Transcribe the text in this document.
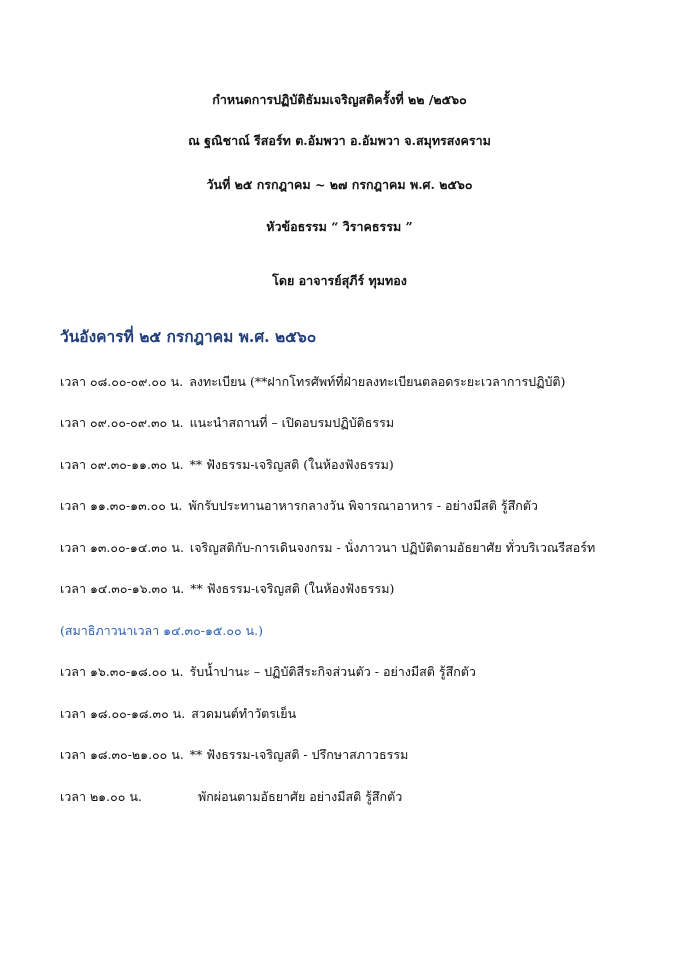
กำหนดการปฏิบัติธัมมเจริญสติครั้งที่ ๒๒ /๒๕๖๐
ณ ฐณิชาณ์ รีสอร์ท ต.อัมพวา อ.อัมพวา จ.สมุทรสงคราม
วันที่ ๒๕ กรกฎาคม ~ ๒๗ กรกฎาคม พ.ศ. ๒๕๖๐
หัวข้อธรรม “ วิราคธรรม ”
โดย อาจารย์สุภีร์ ทุมทอง
วันอังคารที่ ๒๕ กรกฎาคม พ.ศ. ๒๕๖๐
เวลา ๐๘.๐๐-๐๙.๐๐ น. ลงทะเบียน (**ฝากโทรศัพท์ที่ฝ่ายลงทะเบียนตลอดระยะเวลาการปฏิบัติ)
เวลา ๐๙.๐๐-๐๙.๓๐ น. แนะนำสถานที่ – เปิดอบรมปฏิบัติธรรม
เวลา ๐๙.๓๐-๑๑.๓๐ น. ** ฟังธรรม-เจริญสติ (ในห้องฟังธรรม)
เวลา ๑๑.๓๐-๑๓.๐๐ น. พักรับประทานอาหารกลางวัน พิจารณาอาหาร - อย่างมีสติ รู้สึกตัว
เวลา ๑๓.๐๐-๑๔.๓๐ น. เจริญสติกับ-การเดินจงกรม - นั่งภาวนา ปฏิบัติตามอัธยาศัย ทั่วบริเวณรีสอร์ท
เวลา ๑๔.๓๐-๑๖.๓๐ น. ** ฟังธรรม-เจริญสติ (ในห้องฟังธรรม)
(สมาธิภาวนาเวลา ๑๔.๓๐-๑๕.๐๐ น.)
เวลา ๑๖.๓๐-๑๘.๐๐ น. รับน้ำปานะ – ปฏิบัติสีระกิจส่วนตัว - อย่างมีสติ รู้สึกตัว
เวลา ๑๘.๐๐-๑๘.๓๐ น. สวดมนต์ทำวัตรเย็น
เวลา ๑๘.๓๐-๒๑.๐๐ น. ** ฟังธรรม-เจริญสติ - ปรึกษาสภาวธรรม
เวลา ๒๑.๐๐ น.	พักผ่อนตามอัธยาศัย อย่างมีสติ รู้สึกตัว
